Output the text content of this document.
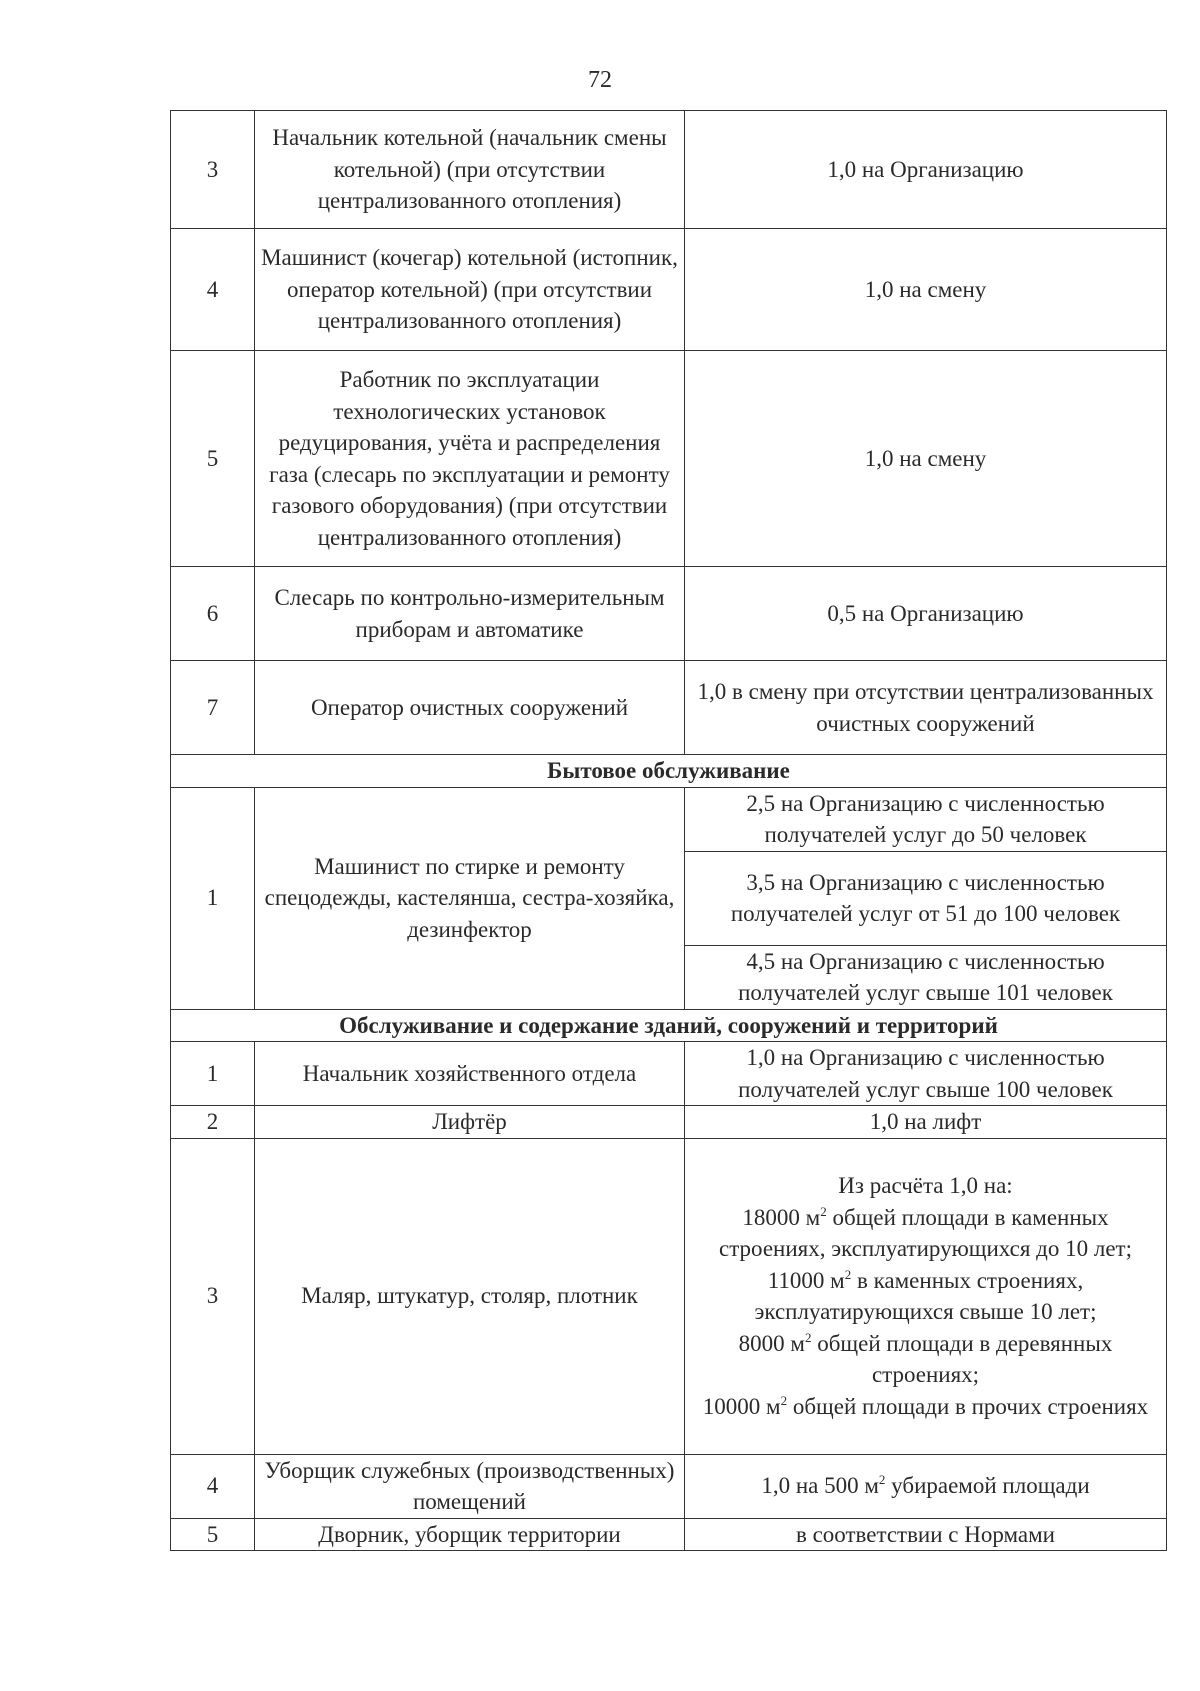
72
3	Начальник котельной (начальник смены котельной) (при отсутствии централизованного отопления)	1,0 на Организацию
4	Машинист (кочегар) котельной (истопник, оператор котельной) (при отсутствии централизованного отопления)	1,0 на смену
5	Работник по эксплуатации технологических установок редуцирования, учёта и распределения газа (слесарь по эксплуатации и ремонту газового оборудования) (при отсутствии централизованного отопления)	1,0 на смену
6	Слесарь по контрольно-измерительным приборам и автоматике	0,5 на Организацию
7	Оператор очистных сооружений	1,0 в смену при отсутствии централизованных очистных сооружений
Бытовое обслуживание		
1	Машинист по стирке и ремонту спецодежды, кастелянша, сестра-хозяйка, дезинфектор	2,5 на Организацию с численностью получателей услуг до 50 человек
		3,5 на Организацию с численностью получателей услуг от 51 до 100 человек
		4,5 на Организацию с численностью получателей услуг свыше 101 человек
Обслуживание и содержание зданий, сооружений и территорий		
1	Начальник хозяйственного отдела	1,0 на Организацию с численностью получателей услуг свыше 100 человек
2	Лифтёр	1,0 на лифт
3	Маляр, штукатур, столяр, плотник	Из расчёта 1,0 на:
18000 $м^2$ общей площади в каменных строениях, эксплуатирующихся до 10 лет;
11000 $м^2$ в каменных строениях, эксплуатирующихся свыше 10 лет;
8000 $м^2$ общей площади в деревянных строениях;
10000 $м^2$ общей площади в прочих строениях

4	Уборщик служебных (производственных) помещений	1,0 на 500 $м^2$ убираемой площади
5	Дворник, уборщик территории	в соответствии с Нормами
